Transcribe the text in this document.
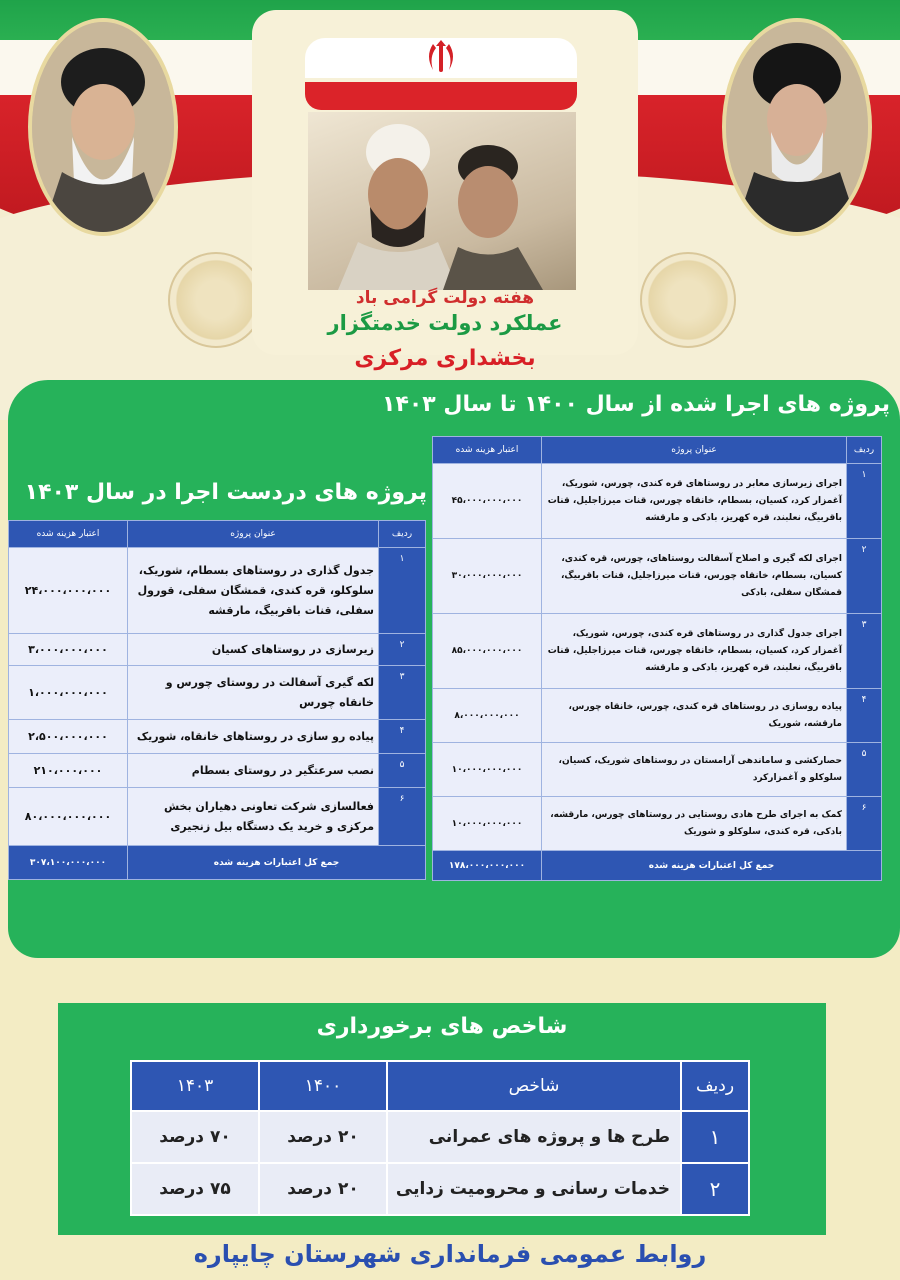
هفته دولت گرامی باد
عملکرد دولت خدمتگزار
بخشداری مرکزی
پروژه های اجرا شده از سال ۱۴۰۰ تا سال ۱۴۰۳
پروژه های دردست اجرا در سال ۱۴۰۳
ردیف	عنوان پروژه	اعتبار هزینه شده
۱	اجرای زیرسازی معابر در روستاهای قره کندی، چورس، شوریک، آغمزار کرد، کسیان، بسطام، خانقاه چورس، قنات میرزاجلیل، قنات باقربیگ، نعلبند، قره کهریز، بادکی و مارقشه	۴۵،۰۰۰،۰۰۰،۰۰۰
۲	اجرای لکه گیری و اصلاح آسفالت روستاهای، چورس، قره کندی، کسیان، بسطام، خانقاه چورس، قنات میرزاجلیل، قنات باقربیگ، قمشگان سفلی، بادکی	۳۰،۰۰۰،۰۰۰،۰۰۰
۳	اجرای جدول گذاری در روستاهای قره کندی، چورس، شوریک، آغمزار کرد، کسیان، بسطام، خانقاه چورس، قنات میرزاجلیل، قنات باقربیگ، نعلبند، قره کهریز، بادکی و مارقشه	۸۵،۰۰۰،۰۰۰،۰۰۰
۴	پیاده روسازی در روستاهای قره کندی، چورس، خانقاه چورس، مارقشه، شوریک	۸،۰۰۰،۰۰۰،۰۰۰
۵	حصارکشی و ساماندهی آرامستان در روستاهای شوریک، کسیان، سلوکلو و آغمزارکرد	۱۰،۰۰۰،۰۰۰،۰۰۰
۶	کمک به اجرای طرح هادی روستایی در روستاهای چورس، مارقشه، بادکی، قره کندی، سلوکلو و شوریک	۱۰،۰۰۰،۰۰۰،۰۰۰
جمع کل اعتبارات هزینه شده		۱۷۸،۰۰۰،۰۰۰،۰۰۰
ردیف	عنوان پروژه	اعتبار هزینه شده
۱	جدول گذاری در روستاهای بسطام، شوریک، سلوکلو، قره کندی، قمشگان سفلی، قورول سفلی، قنات باقربیگ، مارقشه	۲۴،۰۰۰،۰۰۰،۰۰۰
۲	زیرسازی در روستاهای کسیان	۳،۰۰۰،۰۰۰،۰۰۰
۳	لکه گیری آسفالت در روستای چورس و خانقاه چورس	۱،۰۰۰،۰۰۰،۰۰۰
۴	پیاده رو سازی در روستاهای خانقاه، شوریک	۲،۵۰۰،۰۰۰،۰۰۰
۵	نصب سرعتگیر در روستای بسطام	۲۱۰،۰۰۰،۰۰۰
۶	فعالسازی شرکت تعاونی دهیاران بخش مرکزی و خرید یک دستگاه بیل زنجیری	۸۰،۰۰۰،۰۰۰،۰۰۰
جمع کل اعتبارات هزینه شده		۳۰۷،۱۰۰،۰۰۰،۰۰۰
شاخص های برخورداری
ردیف	شاخص	۱۴۰۰	۱۴۰۳
۱	طرح ها و پروژه های عمرانی	۲۰ درصد	۷۰ درصد
۲	خدمات رسانی و محرومیت زدایی	۲۰ درصد	۷۵ درصد
روابط عمومی فرمانداری شهرستان چایپاره
